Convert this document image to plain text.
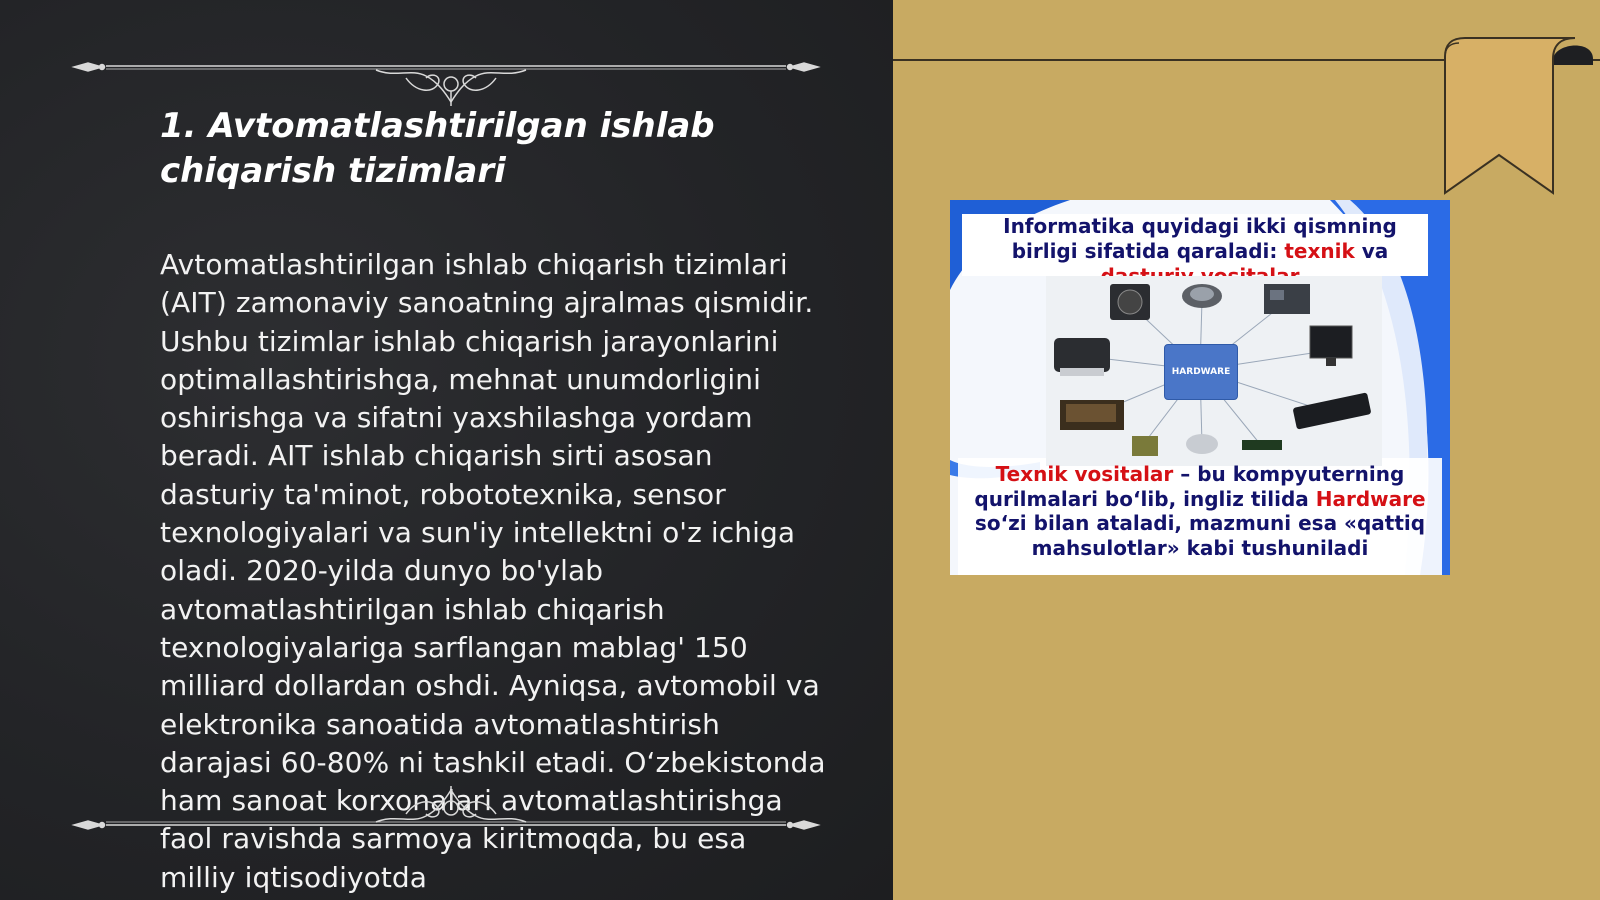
1. Avtomatlashtirilgan ishlab chiqarish tizimlari

Avtomatlashtirilgan ishlab chiqarish tizimlari (AIT) zamonaviy sanoatning ajralmas qismidir. Ushbu tizimlar ishlab chiqarish jarayonlarini optimallashtirishga, mehnat unumdorligini oshirishga va sifatni yaxshilashga yordam beradi. AIT ishlab chiqarish sirti asosan dasturiy ta'minot, robototexnika, sensor texnologiyalari va sun'iy intellektni o'z ichiga oladi. 2020-yilda dunyo bo'ylab avtomatlashtirilgan ishlab chiqarish texnologiyalariga sarflangan mablag' 150 milliard dollardan oshdi. Ayniqsa, avtomobil va elektronika sanoatida avtomatlashtirish darajasi 60-80% ni tashkil etadi. O‘zbekistonda ham sanoat korxonalari avtomatlashtirishga faol ravishda sarmoya kiritmoqda, bu esa milliy iqtisodiyotda

Informatika quyidagi ikki qismning birligi sifatida qaraladi: texnik va

HARDWARE

Texnik vositalar – bu kompyuterning qurilmalari bo‘lib, ingliz tilida Hardware so‘zi bilan ataladi, mazmuni esa «qattiq mahsulotlar» kabi tushuniladi
